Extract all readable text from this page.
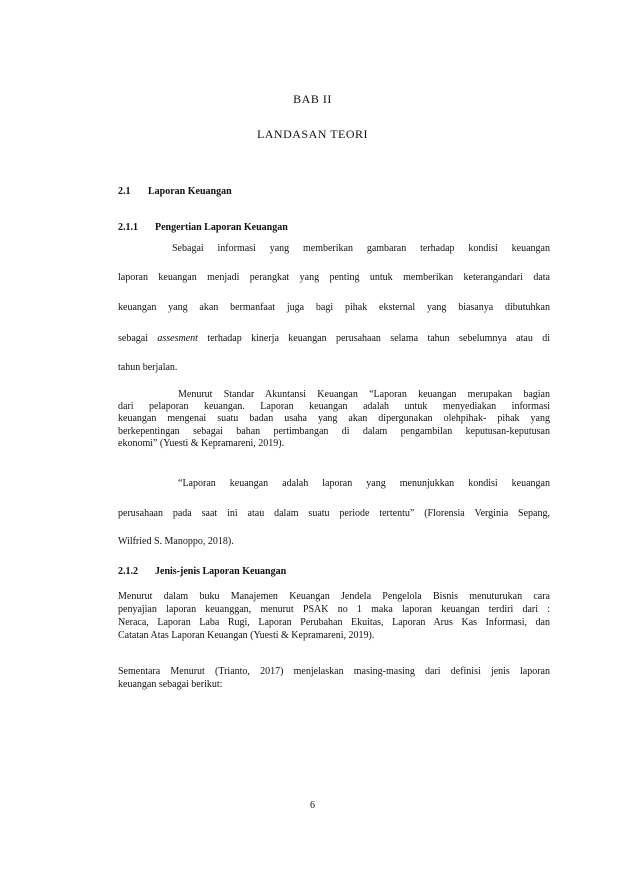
BAB II
LANDASAN TEORI
2.1 Laporan Keuangan
2.1.1 Pengertian Laporan Keuangan
Sebagai informasi yang memberikan gambaran terhadap kondisi keuangan
laporan keuangan menjadi perangkat yang penting untuk memberikan keterangandari data
keuangan yang akan bermanfaat juga bagi pihak eksternal yang biasanya dibutuhkan
sebagai assesment terhadap kinerja keuangan perusahaan selama tahun sebelumnya atau di
tahun berjalan.
Menurut Standar Akuntansi Keuangan “Laporan keuangan merupakan bagian
dari pelaporan keuangan. Laporan keuangan adalah untuk menyediakan informasi
keuangan mengenai suatu badan usaha yang akan dipergunakan olehpihak- pihak yang
berkepentingan sebagai bahan pertimbangan di dalam pengambilan keputusan-keputusan
ekonomi” (Yuesti & Kepramareni, 2019).
“Laporan keuangan adalah laporan yang menunjukkan kondisi keuangan
perusahaan pada saat ini atau dalam suatu periode tertentu” (Florensia Verginia Sepang,
Wilfried S. Manoppo, 2018).
2.1.2 Jenis-jenis Laporan Keuangan
Menurut dalam buku Manajemen Keuangan Jendela Pengelola Bisnis menuturukan cara
penyajian laporan keuanggan, menurut PSAK no 1 maka laporan keuangan terdiri dari :
Neraca, Laporan Laba Rugi, Laporan Perubahan Ekuitas, Laporan Arus Kas Informasi, dan
Catatan Atas Laporan Keuangan (Yuesti & Kepramareni, 2019).
Sementara Menurut (Trianto, 2017) menjelaskan masing-masing dari definisi jenis laporan
keuangan sebagai berikut:
6
